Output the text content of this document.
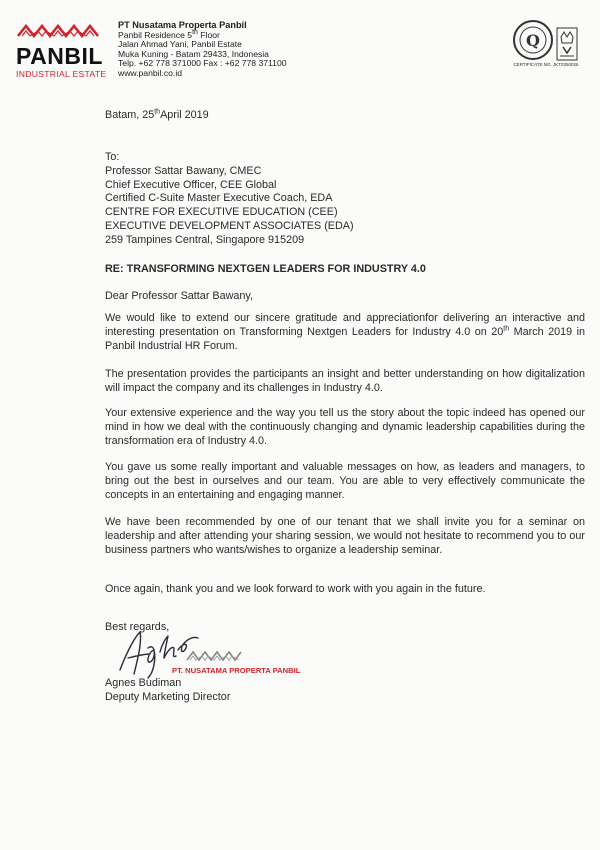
PANBIL
INDUSTRIAL ESTATE
PT Nusatama Properta Panbil
Panbil Residence 5th Floor
Jalan Ahmad Yani, Panbil Estate
Muka Kuning - Batam 29433, Indonesia
Telp. +62 778 371000 Fax : +62 778 371100
www.panbil.co.id
Q
CERTIFICATE NO. JKT0350026
Batam, 25thApril 2019
To:
Professor Sattar Bawany, CMEC
Chief Executive Officer, CEE Global
Certified C-Suite Master Executive Coach, EDA
CENTRE FOR EXECUTIVE EDUCATION (CEE)
EXECUTIVE DEVELOPMENT ASSOCIATES (EDA)
259 Tampines Central, Singapore 915209
RE: TRANSFORMING NEXTGEN LEADERS FOR INDUSTRY 4.0
Dear Professor Sattar Bawany,
We would like to extend our sincere gratitude and appreciationfor delivering an interactive and interesting presentation on Transforming Nextgen Leaders for Industry 4.0 on 20th March 2019 in Panbil Industrial HR Forum.
The presentation provides the participants an insight and better understanding on how digitalization will impact the company and its challenges in Industry 4.0.
Your extensive experience and the way you tell us the story about the topic indeed has opened our mind in how we deal with the continuously changing and dynamic leadership capabilities during the transformation era of Industry 4.0.
You gave us some really important and valuable messages on how, as leaders and managers, to bring out the best in ourselves and our team. You are able to very effectively communicate the concepts in an entertaining and engaging manner.
We have been recommended by one of our tenant that we shall invite you for a seminar on leadership and after attending your sharing session, we would not hesitate to recommend you to our business partners who wants/wishes to organize a leadership seminar.
Once again, thank you and we look forward to work with you again in the future.
Best regards,
PT. NUSATAMA PROPERTA PANBIL
Agnes Budiman
Deputy Marketing Director
